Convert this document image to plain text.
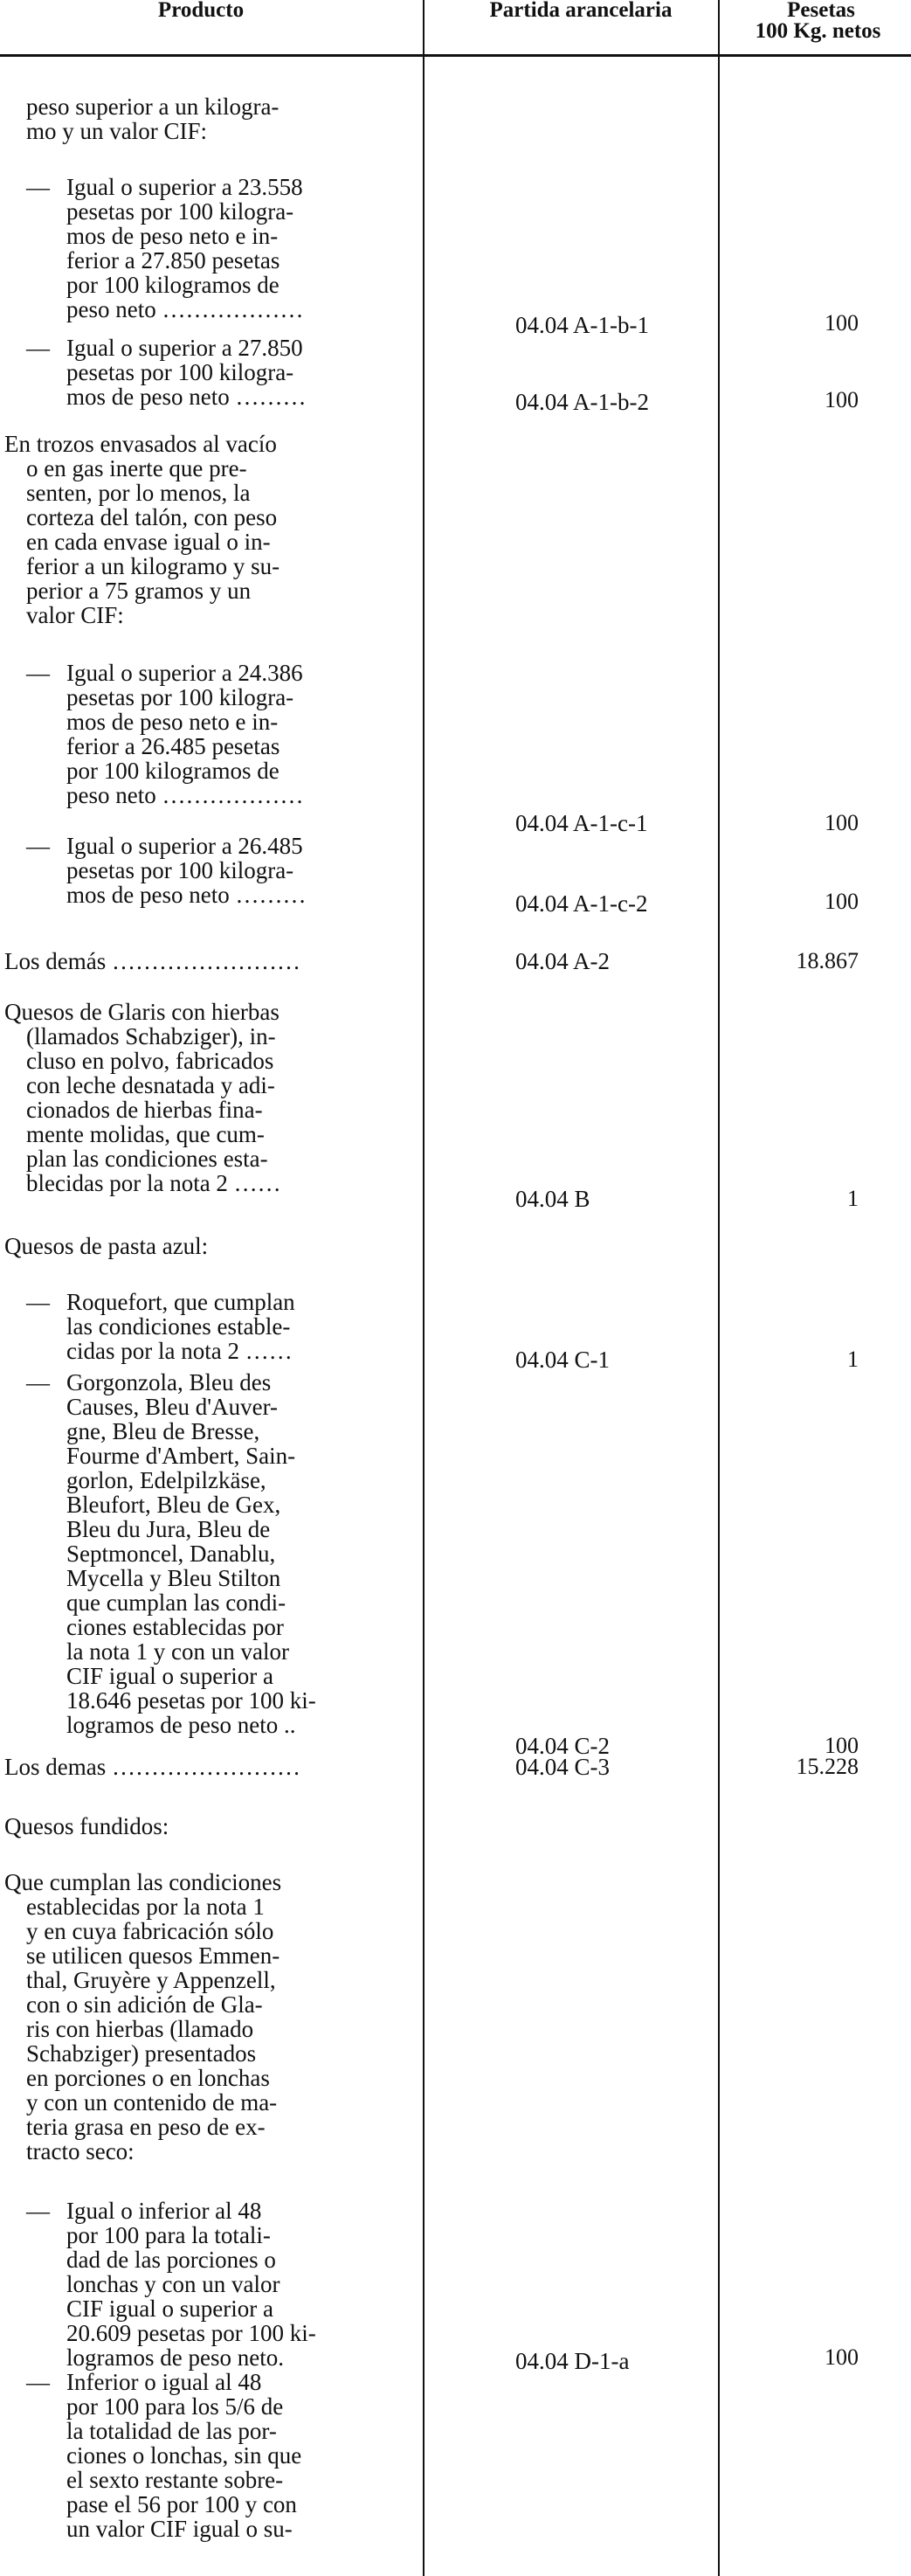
Producto	Partida arancelaria	Pesetas
100 Kg. netos
peso superior a un kilogra-
mo y un valor CIF:
— Igual o superior a 23.558
pesetas por 100 kilogra-
mos de peso neto e in-
ferior a 27.850 pesetas
por 100 kilogramos de
peso neto ………………
04.04 A-1-b-1	100
— Igual o superior a 27.850
pesetas por 100 kilogra-
mos de peso neto ………	04.04 A-1-b-2	100
En trozos envasados al vacío
o en gas inerte que pre-
senten, por lo menos, la
corteza del talón, con peso
en cada envase igual o in-
ferior a un kilogramo y su-
perior a 75 gramos y un
valor CIF:
— Igual o superior a 24.386
pesetas por 100 kilogra-
mos de peso neto e in-
ferior a 26.485 pesetas
por 100 kilogramos de
peso neto ………………
04.04 A-1-c-1	100
— Igual o superior a 26.485
pesetas por 100 kilogra-
mos de peso neto ………	04.04 A-1-c-2	100
Los demás ……………………	04.04 A-2	18.867
Quesos de Glaris con hierbas
(llamados Schabziger), in-
cluso en polvo, fabricados
con leche desnatada y adi-
cionados de hierbas fina-
mente molidas, que cum-
plan las condiciones esta-
blecidas por la nota 2 ……
04.04 B	1
Quesos de pasta azul:
— Roquefort, que cumplan
las condiciones estable-
cidas por la nota 2 ……	04.04 C-1	1
— Gorgonzola, Bleu des
Causes, Bleu d'Auver-
gne, Bleu de Bresse,
Fourme d'Ambert, Sain-
gorlon, Edelpilzkäse,
Bleufort, Bleu de Gex,
Bleu du Jura, Bleu de
Septmoncel, Danablu,
Mycella y Bleu Stilton
que cumplan las condi-
ciones establecidas por
la nota 1 y con un valor
CIF igual o superior a
18.646 pesetas por 100 ki-
logramos de peso neto ..
04.04 C-2	100
Los demas ……………………	04.04 C-3	15.228
Quesos fundidos:
Que cumplan las condiciones
establecidas por la nota 1
y en cuya fabricación sólo
se utilicen quesos Emmen-
thal, Gruyère y Appenzell,
con o sin adición de Gla-
ris con hierbas (llamado
Schabziger) presentados
en porciones o en lonchas
y con un contenido de ma-
teria grasa en peso de ex-
tracto seco:
— Igual o inferior al 48
por 100 para la totali-
dad de las porciones o
lonchas y con un valor
CIF igual o superior a
20.609 pesetas por 100 ki-
logramos de peso neto.	04.04 D-1-a	100
— Inferior o igual al 48
por 100 para los 5/6 de
la totalidad de las por-
ciones o lonchas, sin que
el sexto restante sobre-
pase el 56 por 100 y con
un valor CIF igual o su-
